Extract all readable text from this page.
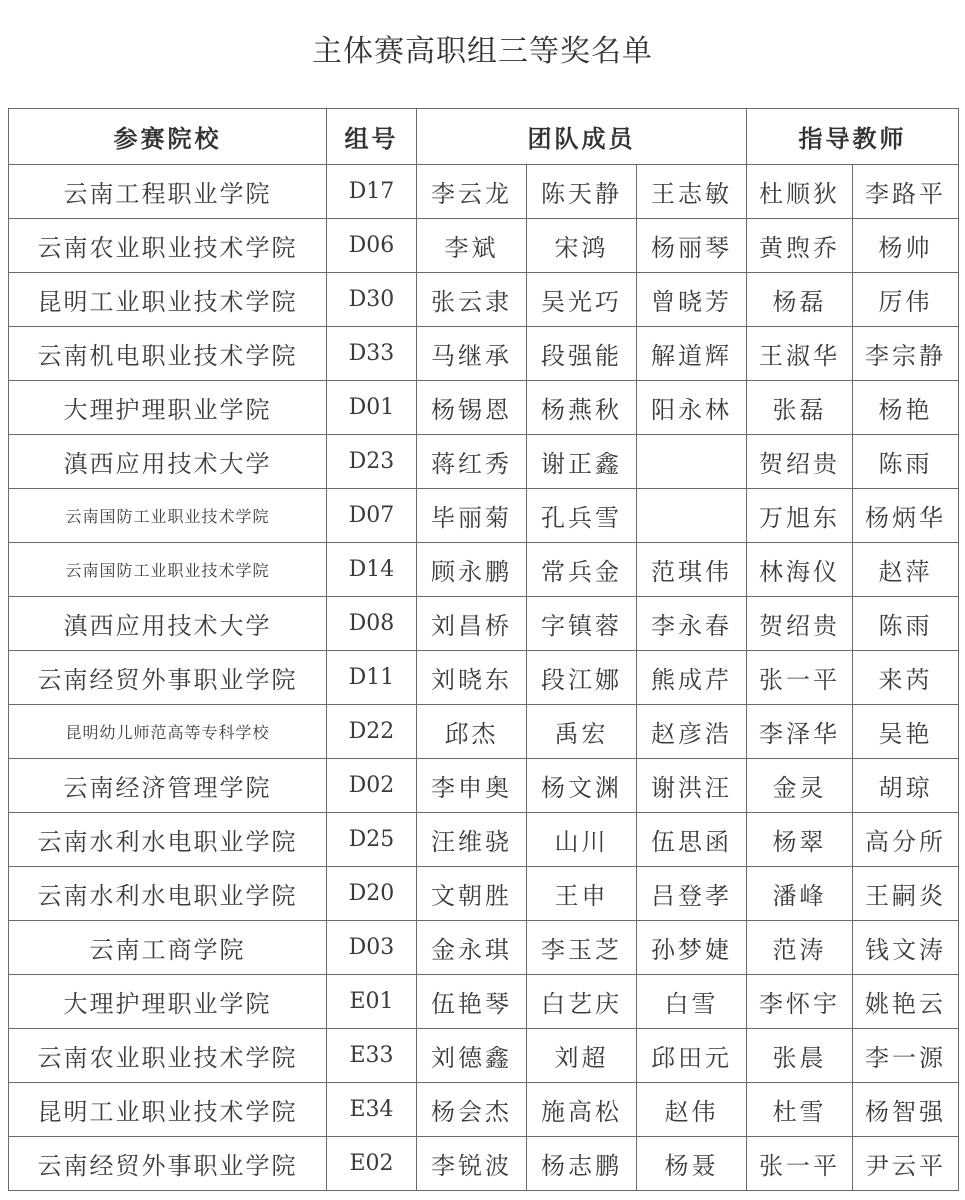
主体赛高职组三等奖名单
参赛院校	组号	团队成员			指导教师	
云南工程职业学院	D17	李云龙	陈天静	王志敏	杜顺狄	李路平
云南农业职业技术学院	D06	李斌	宋鸿	杨丽琴	黄煦乔	杨帅
昆明工业职业技术学院	D30	张云隶	吴光巧	曾晓芳	杨磊	厉伟
云南机电职业技术学院	D33	马继承	段强能	解道辉	王淑华	李宗静
大理护理职业学院	D01	杨锡恩	杨燕秋	阳永林	张磊	杨艳
滇西应用技术大学	D23	蒋红秀	谢正鑫		贺绍贵	陈雨
云南国防工业职业技术学院	D07	毕丽菊	孔兵雪		万旭东	杨炳华
云南国防工业职业技术学院	D14	顾永鹏	常兵金	范琪伟	林海仪	赵萍
滇西应用技术大学	D08	刘昌桥	字镇蓉	李永春	贺绍贵	陈雨
云南经贸外事职业学院	D11	刘晓东	段江娜	熊成芹	张一平	来芮
昆明幼儿师范高等专科学校	D22	邱杰	禹宏	赵彦浩	李泽华	吴艳
云南经济管理学院	D02	李申奥	杨文渊	谢洪汪	金灵	胡琼
云南水利水电职业学院	D25	汪维骁	山川	伍思函	杨翠	高分所
云南水利水电职业学院	D20	文朝胜	王申	吕登孝	潘峰	王嗣炎
云南工商学院	D03	金永琪	李玉芝	孙梦婕	范涛	钱文涛
大理护理职业学院	E01	伍艳琴	白艺庆	白雪	李怀宇	姚艳云
云南农业职业技术学院	E33	刘德鑫	刘超	邱田元	张晨	李一源
昆明工业职业技术学院	E34	杨会杰	施高松	赵伟	杜雪	杨智强
云南经贸外事职业学院	E02	李锐波	杨志鹏	杨聂	张一平	尹云平
